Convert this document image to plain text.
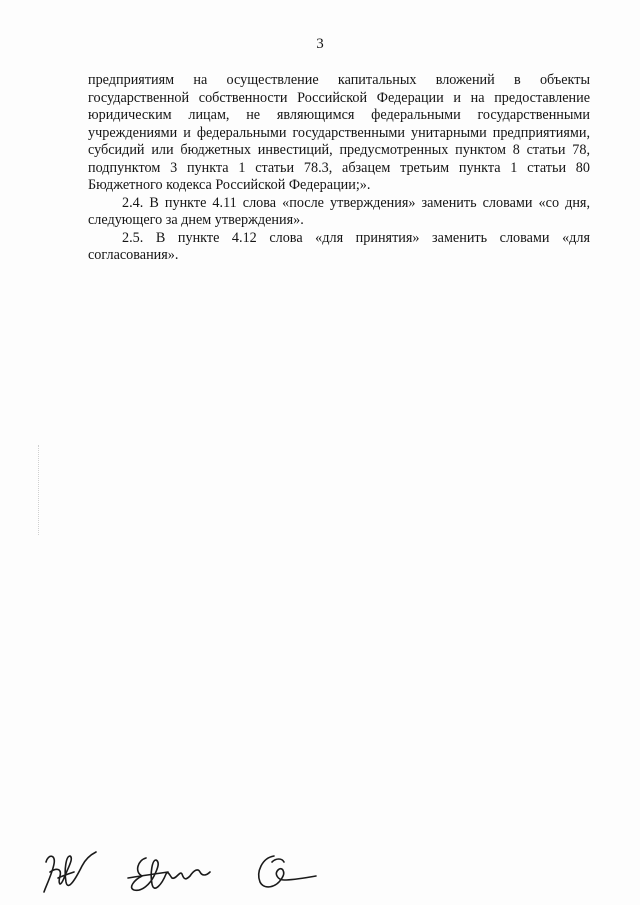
3

предприятиям на осуществление капитальных вложений в объекты государственной собственности Российской Федерации и на предоставление юридическим лицам, не являющимся федеральными государственными учреждениями и федеральными государственными унитарными предприятиями, субсидий или бюджетных инвестиций, предусмотренных пунктом 8 статьи 78, подпунктом 3 пункта 1 статьи 78.3, абзацем третьим пункта 1 статьи 80 Бюджетного кодекса Российской Федерации;».

2.4. В пункте 4.11 слова «после утверждения» заменить словами «со дня, следующего за днем утверждения».

2.5. В пункте 4.12 слова «для принятия» заменить словами «для согласования».
